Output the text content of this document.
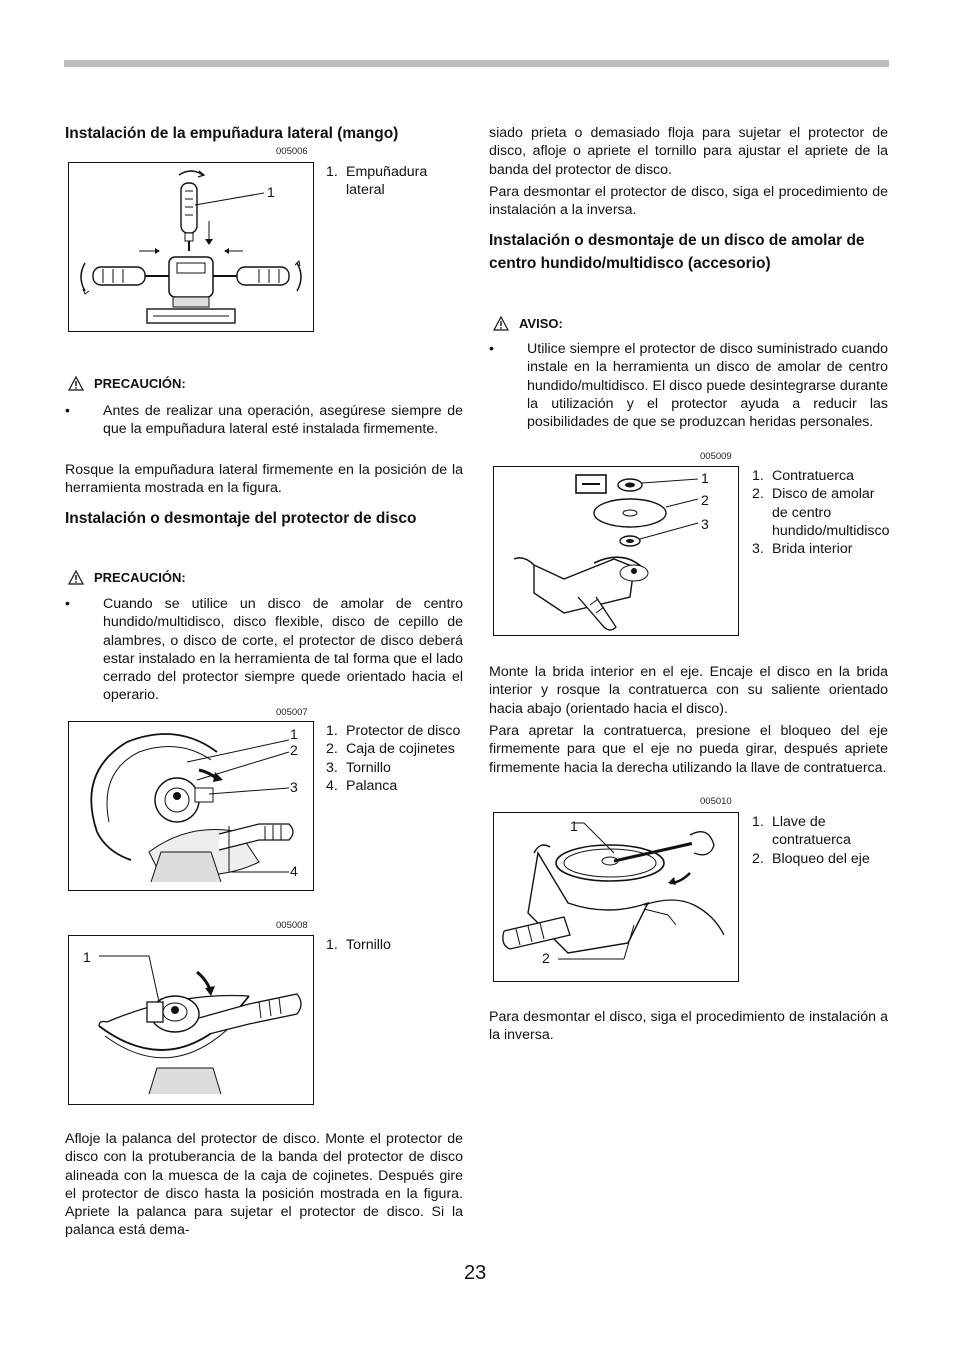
Instalación de la empuñadura lateral (mango)
005006
1
1. Empuñadura lateral
PRECAUCIÓN:
•	Antes de realizar una operación, asegúrese siempre de que la empuñadura lateral esté instalada firmemente.

Rosque la empuñadura lateral firmemente en la posición de la herramienta mostrada en la figura.

Instalación o desmontaje del protector de disco
PRECAUCIÓN:
•	Cuando se utilice un disco de amolar de centro hundido/multidisco, disco flexible, disco de cepillo de alambres, o disco de corte, el protector de disco deberá estar instalado en la herramienta de tal forma que el lado cerrado del protector siempre quede orientado hacia el operario.
005007
1
2
3
4
1. Protector de disco
2. Caja de cojinetes
3. Tornillo
4. Palanca
005008
1
1. Tornillo

Afloje la palanca del protector de disco. Monte el protector de disco con la protuberancia de la banda del protector de disco alineada con la muesca de la caja de cojinetes. Después gire el protector de disco hasta la posición mostrada en la figura. Apriete la palanca para sujetar el protector de disco. Si la palanca está dema-

siado prieta o demasiado floja para sujetar el protector de disco, afloje o apriete el tornillo para ajustar el apriete de la banda del protector de disco.

Para desmontar el protector de disco, siga el procedimiento de instalación a la inversa.

Instalación o desmontaje de un disco de amolar de centro hundido/multidisco (accesorio)
AVISO:
•	Utilice siempre el protector de disco suministrado cuando instale en la herramienta un disco de amolar de centro hundido/multidisco. El disco puede desintegrarse durante la utilización y el protector ayuda a reducir las posibilidades de que se produzcan heridas personales.
005009
1
2
3
1. Contratuerca
2. Disco de amolar de centro hundido/multidisco
3. Brida interior

Monte la brida interior en el eje. Encaje el disco en la brida interior y rosque la contratuerca con su saliente orientado hacia abajo (orientado hacia el disco).

Para apretar la contratuerca, presione el bloqueo del eje firmemente para que el eje no pueda girar, después apriete firmemente hacia la derecha utilizando la llave de contratuerca.

005010
1
2
1. Llave de contratuerca
2. Bloqueo del eje

Para desmontar el disco, siga el procedimiento de instalación a la inversa.

23
